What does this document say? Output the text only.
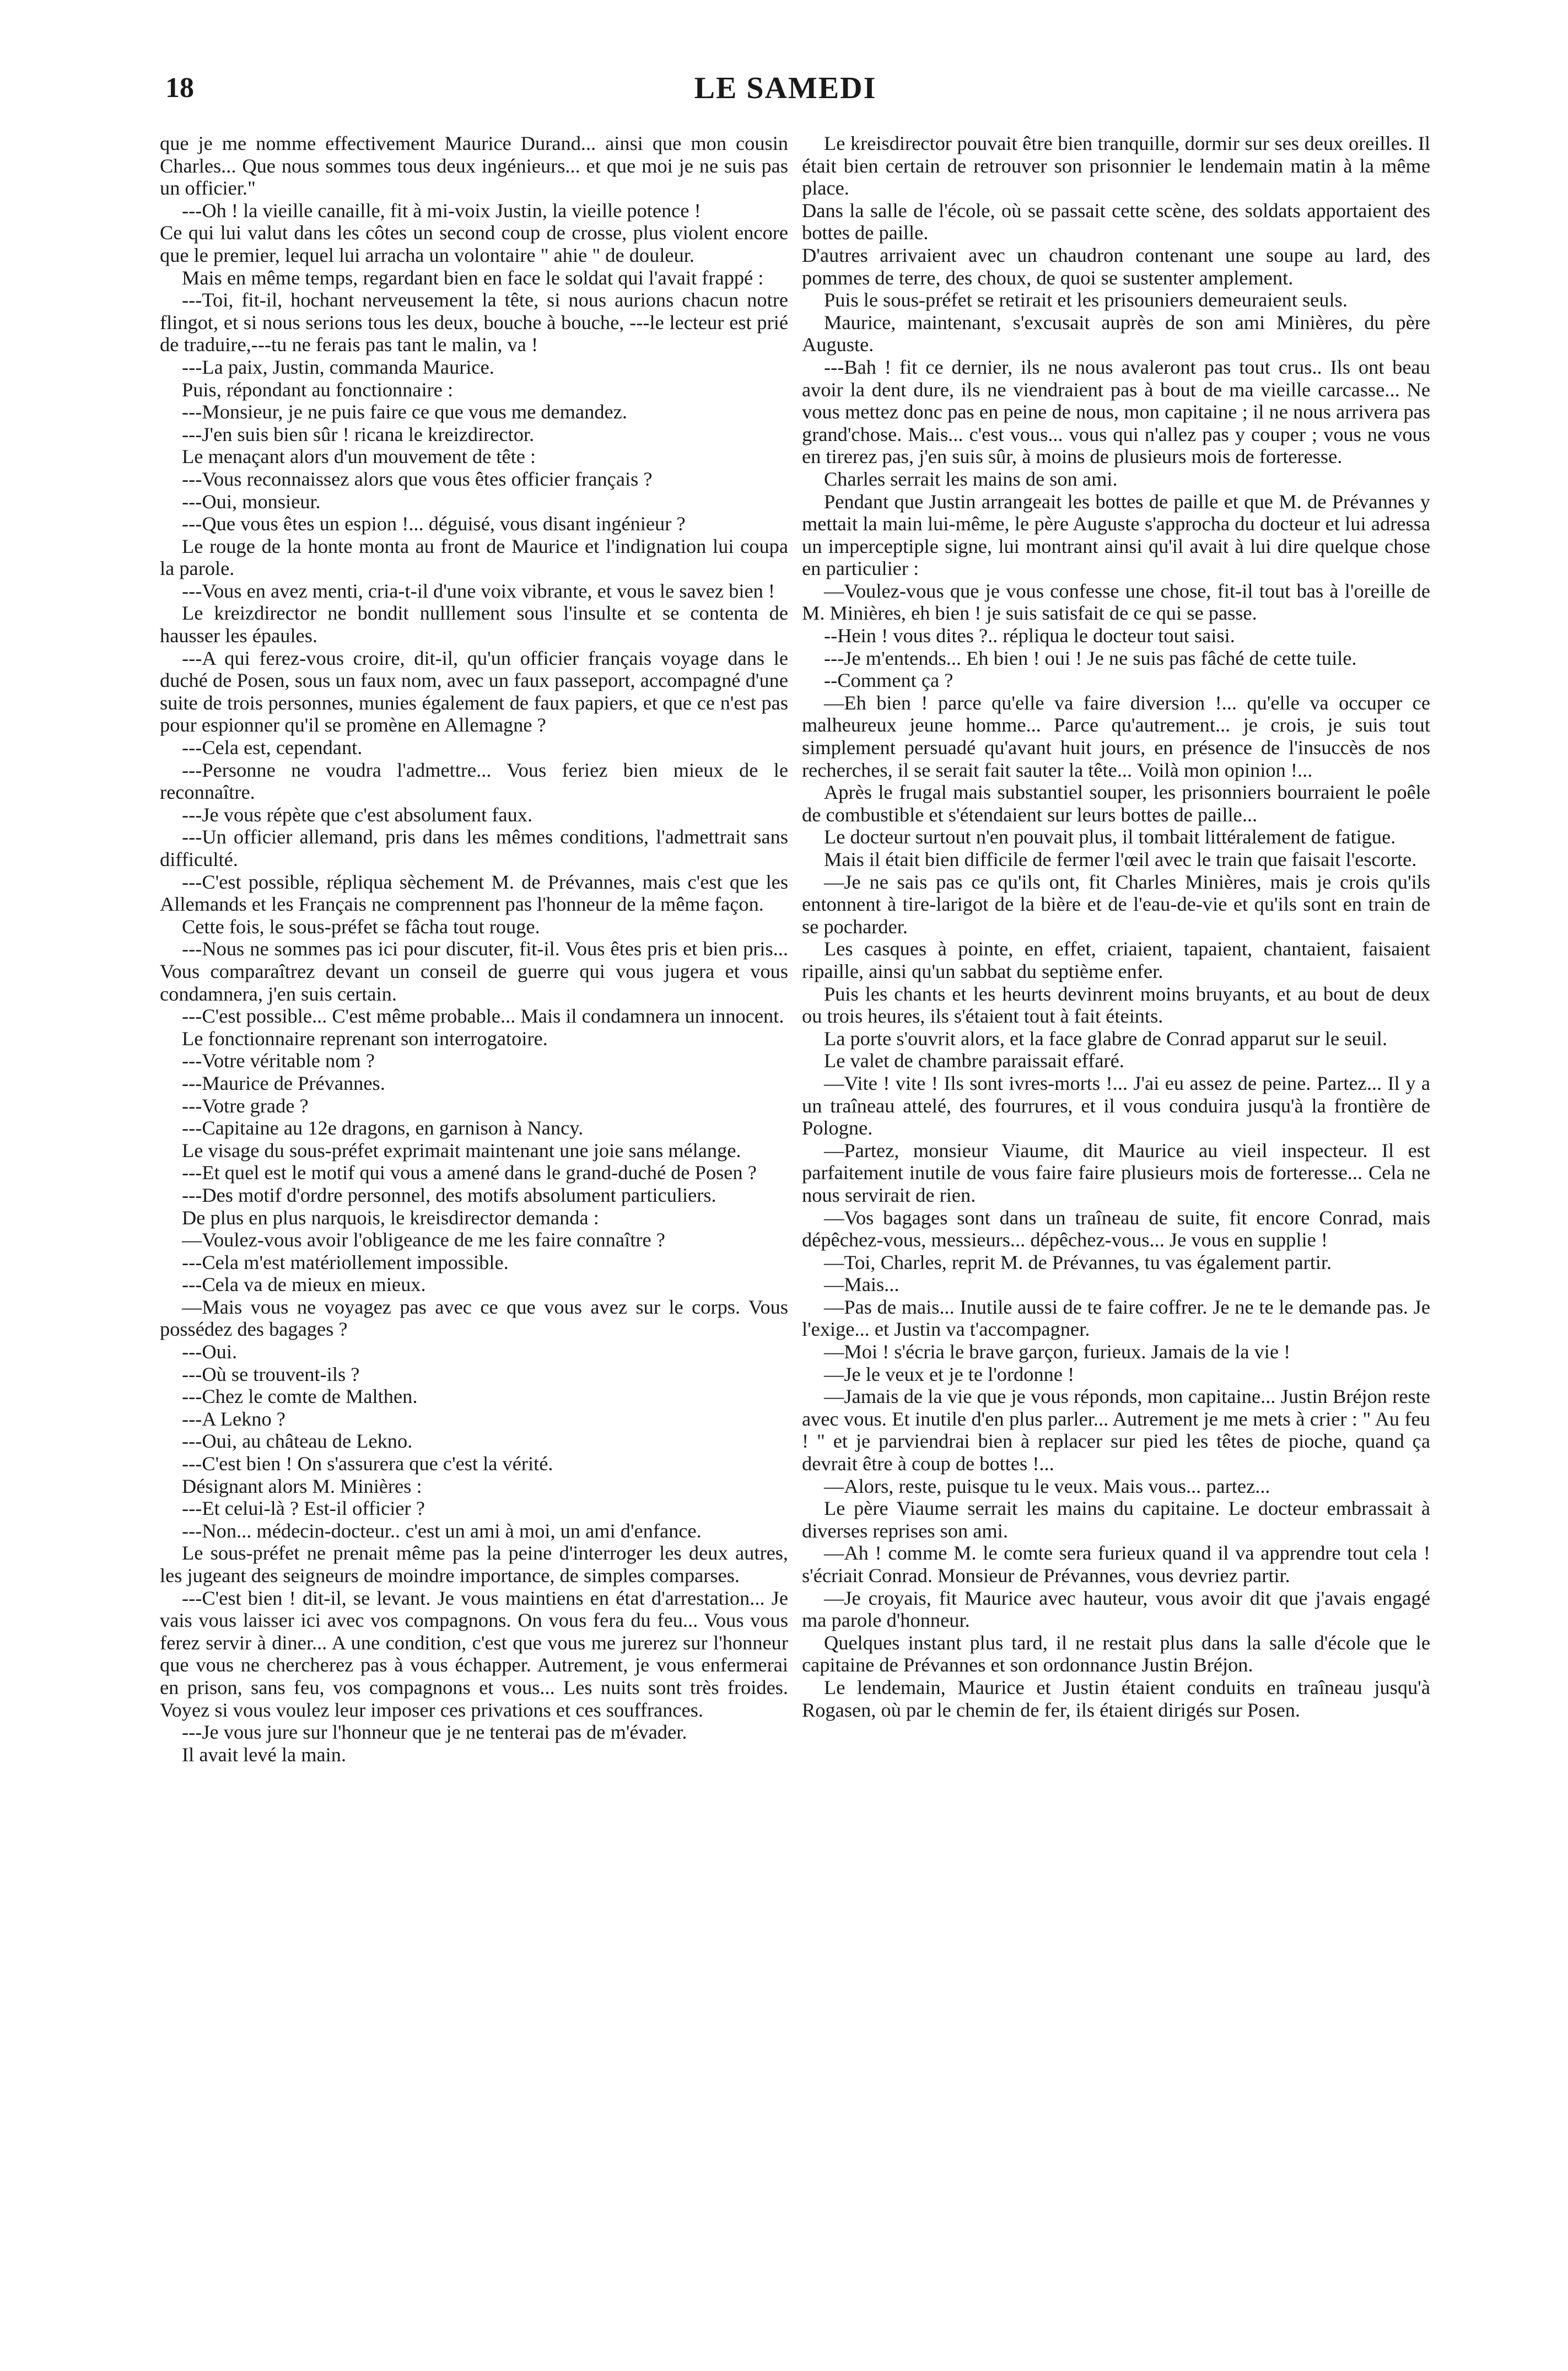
18	LE SAMEDI

que je me nomme effectivement Maurice Durand... ainsi que mon cousin Charles... Que nous sommes tous deux ingénieurs... et que moi je ne suis pas un officier."

---Oh ! la vieille canaille, fit à mi-voix Justin, la vieille potence !

Ce qui lui valut dans les côtes un second coup de crosse, plus violent encore que le premier, lequel lui arracha un volontaire " ahie " de douleur.

Mais en même temps, regardant bien en face le soldat qui l'avait frappé :

---Toi, fit-il, hochant nerveusement la tête, si nous aurions chacun notre flingot, et si nous serions tous les deux, bouche à bouche, ---le lecteur est prié de traduire,---tu ne ferais pas tant le malin, va !

---La paix, Justin, commanda Maurice.

Puis, répondant au fonctionnaire :

---Monsieur, je ne puis faire ce que vous me demandez.

---J'en suis bien sûr ! ricana le kreizdirector.

Le menaçant alors d'un mouvement de tête :

---Vous reconnaissez alors que vous êtes officier français ?

---Oui, monsieur.

---Que vous êtes un espion !... déguisé, vous disant ingénieur ?

Le rouge de la honte monta au front de Maurice et l'indignation lui coupa la parole.

---Vous en avez menti, cria-t-il d'une voix vibrante, et vous le savez bien !

Le kreizdirector ne bondit nulllement sous l'insulte et se contenta de hausser les épaules.

---A qui ferez-vous croire, dit-il, qu'un officier français voyage dans le duché de Posen, sous un faux nom, avec un faux passeport, accompagné d'une suite de trois personnes, munies également de faux papiers, et que ce n'est pas pour espionner qu'il se promène en Allemagne ?

---Cela est, cependant.

---Personne ne voudra l'admettre... Vous feriez bien mieux de le reconnaître.

---Je vous répète que c'est absolument faux.

---Un officier allemand, pris dans les mêmes conditions, l'admettrait sans difficulté.

---C'est possible, répliqua sèchement M. de Prévannes, mais c'est que les Allemands et les Français ne comprennent pas l'honneur de la même façon.

Cette fois, le sous-préfet se fâcha tout rouge.

---Nous ne sommes pas ici pour discuter, fit-il. Vous êtes pris et bien pris... Vous comparaîtrez devant un conseil de guerre qui vous jugera et vous condamnera, j'en suis certain.

---C'est possible... C'est même probable... Mais il condamnera un innocent.

Le fonctionnaire reprenant son interrogatoire.

---Votre véritable nom ?

---Maurice de Prévannes.

---Votre grade ?

---Capitaine au 12e dragons, en garnison à Nancy.

Le visage du sous-préfet exprimait maintenant une joie sans mélange.

---Et quel est le motif qui vous a amené dans le grand-duché de Posen ?

---Des motif d'ordre personnel, des motifs absolument particuliers.

De plus en plus narquois, le kreisdirector demanda :

—Voulez-vous avoir l'obligeance de me les faire connaître ?

---Cela m'est matériollement impossible.

---Cela va de mieux en mieux.

—Mais vous ne voyagez pas avec ce que vous avez sur le corps. Vous possédez des bagages ?

---Oui.

---Où se trouvent-ils ?

---Chez le comte de Malthen.

---A Lekno ?

---Oui, au château de Lekno.

---C'est bien ! On s'assurera que c'est la vérité.

Désignant alors M. Minières :

---Et celui-là ? Est-il officier ?

---Non... médecin-docteur.. c'est un ami à moi, un ami d'enfance.

Le sous-préfet ne prenait même pas la peine d'interroger les deux autres, les jugeant des seigneurs de moindre importance, de simples comparses.

---C'est bien ! dit-il, se levant. Je vous maintiens en état d'arrestation... Je vais vous laisser ici avec vos compagnons. On vous fera du feu... Vous vous ferez servir à diner... A une condition, c'est que vous me jurerez sur l'honneur que vous ne chercherez pas à vous échapper. Autrement, je vous enfermerai en prison, sans feu, vos compagnons et vous... Les nuits sont très froides. Voyez si vous voulez leur imposer ces privations et ces souffrances.

---Je vous jure sur l'honneur que je ne tenterai pas de m'évader.

Il avait levé la main.

Le kreisdirector pouvait être bien tranquille, dormir sur ses deux oreilles. Il était bien certain de retrouver son prisonnier le lendemain matin à la même place.

Dans la salle de l'école, où se passait cette scène, des soldats apportaient des bottes de paille.

D'autres arrivaient avec un chaudron contenant une soupe au lard, des pommes de terre, des choux, de quoi se sustenter amplement.

Puis le sous-préfet se retirait et les prisouniers demeuraient seuls.

Maurice, maintenant, s'excusait auprès de son ami Minières, du père Auguste.

---Bah ! fit ce dernier, ils ne nous avaleront pas tout crus.. Ils ont beau avoir la dent dure, ils ne viendraient pas à bout de ma vieille carcasse... Ne vous mettez donc pas en peine de nous, mon capitaine ; il ne nous arrivera pas grand'chose. Mais... c'est vous... vous qui n'allez pas y couper ; vous ne vous en tirerez pas, j'en suis sûr, à moins de plusieurs mois de forteresse.

Charles serrait les mains de son ami.

Pendant que Justin arrangeait les bottes de paille et que M. de Prévannes y mettait la main lui-même, le père Auguste s'approcha du docteur et lui adressa un imperceptiple signe, lui montrant ainsi qu'il avait à lui dire quelque chose en particulier :

—Voulez-vous que je vous confesse une chose, fit-il tout bas à l'oreille de M. Minières, eh bien ! je suis satisfait de ce qui se passe.

--Hein ! vous dites ?.. répliqua le docteur tout saisi.

---Je m'entends... Eh bien ! oui ! Je ne suis pas fâché de cette tuile.

--Comment ça ?

—Eh bien ! parce qu'elle va faire diversion !... qu'elle va occuper ce malheureux jeune homme... Parce qu'autrement... je crois, je suis tout simplement persuadé qu'avant huit jours, en présence de l'insuccès de nos recherches, il se serait fait sauter la tête... Voilà mon opinion !...

Après le frugal mais substantiel souper, les prisonniers bourraient le poêle de combustible et s'étendaient sur leurs bottes de paille...

Le docteur surtout n'en pouvait plus, il tombait littéralement de fatigue.

Mais il était bien difficile de fermer l'œil avec le train que faisait l'escorte.

—Je ne sais pas ce qu'ils ont, fit Charles Minières, mais je crois qu'ils entonnent à tire-larigot de la bière et de l'eau-de-vie et qu'ils sont en train de se pocharder.

Les casques à pointe, en effet, criaient, tapaient, chantaient, faisaient ripaille, ainsi qu'un sabbat du septième enfer.

Puis les chants et les heurts devinrent moins bruyants, et au bout de deux ou trois heures, ils s'étaient tout à fait éteints.

La porte s'ouvrit alors, et la face glabre de Conrad apparut sur le seuil.

Le valet de chambre paraissait effaré.

—Vite ! vite ! Ils sont ivres-morts !... J'ai eu assez de peine. Partez... Il y a un traîneau attelé, des fourrures, et il vous conduira jusqu'à la frontière de Pologne.

—Partez, monsieur Viaume, dit Maurice au vieil inspecteur. Il est parfaitement inutile de vous faire faire plusieurs mois de forteresse... Cela ne nous servirait de rien.

—Vos bagages sont dans un traîneau de suite, fit encore Conrad, mais dépêchez-vous, messieurs... dépêchez-vous... Je vous en supplie !

—Toi, Charles, reprit M. de Prévannes, tu vas également partir.

—Mais...

—Pas de mais... Inutile aussi de te faire coffrer. Je ne te le demande pas. Je l'exige... et Justin va t'accompagner.

—Moi ! s'écria le brave garçon, furieux. Jamais de la vie !

—Je le veux et je te l'ordonne !

—Jamais de la vie que je vous réponds, mon capitaine... Justin Bréjon reste avec vous. Et inutile d'en plus parler... Autrement je me mets à crier : " Au feu ! " et je parviendrai bien à replacer sur pied les têtes de pioche, quand ça devrait être à coup de bottes !...

—Alors, reste, puisque tu le veux. Mais vous... partez...

Le père Viaume serrait les mains du capitaine. Le docteur embrassait à diverses reprises son ami.

—Ah ! comme M. le comte sera furieux quand il va apprendre tout cela ! s'écriait Conrad. Monsieur de Prévannes, vous devriez partir.

—Je croyais, fit Maurice avec hauteur, vous avoir dit que j'avais engagé ma parole d'honneur.

Quelques instant plus tard, il ne restait plus dans la salle d'école que le capitaine de Prévannes et son ordonnance Justin Bréjon.

Le lendemain, Maurice et Justin étaient conduits en traîneau jusqu'à Rogasen, où par le chemin de fer, ils étaient dirigés sur Posen.
